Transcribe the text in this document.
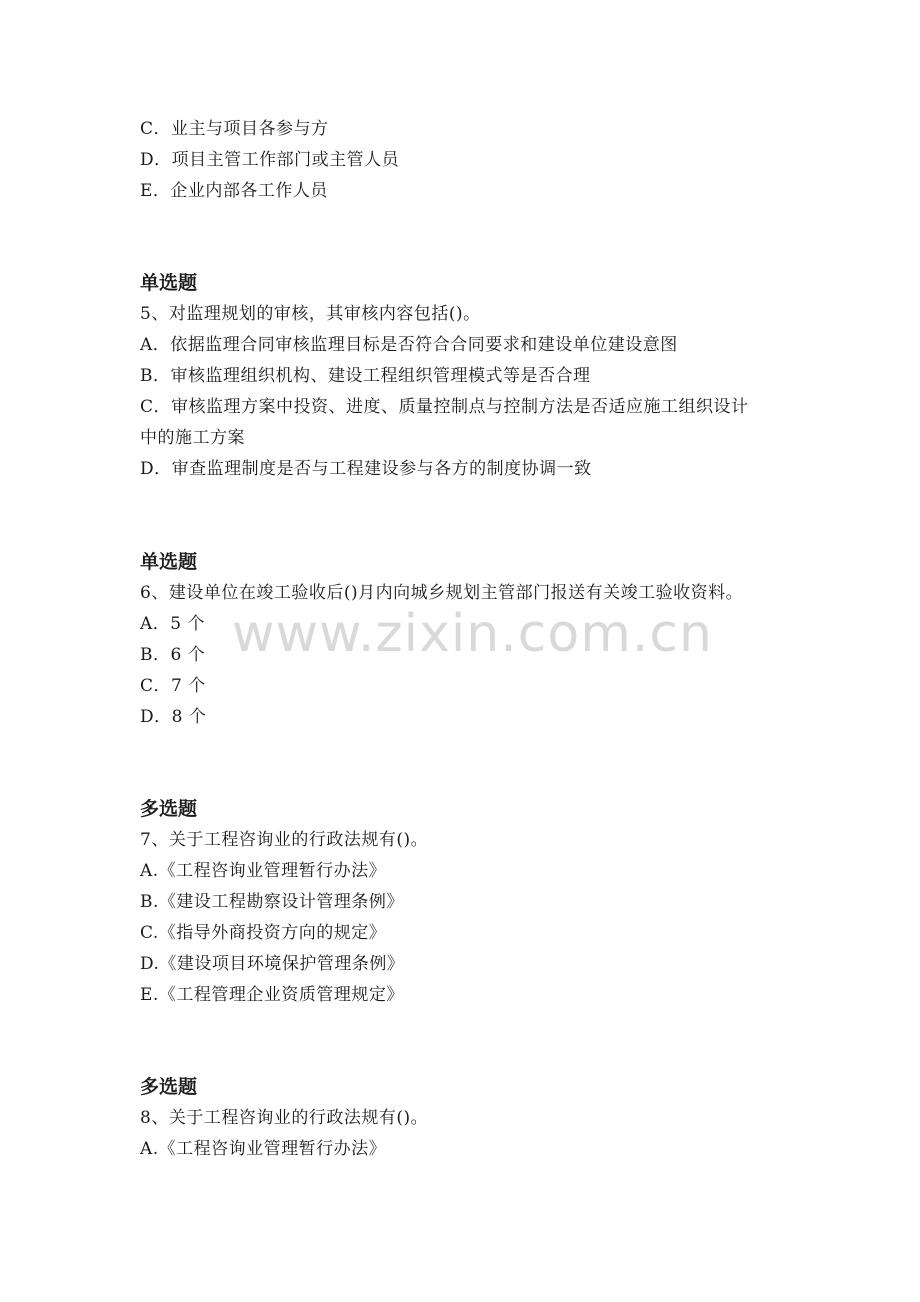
C．业主与项目各参与方
D．项目主管工作部门或主管人员
E．企业内部各工作人员
单选题
5、对监理规划的审核，其审核内容包括()。
A．依据监理合同审核监理目标是否符合合同要求和建设单位建设意图
B．审核监理组织机构、建设工程组织管理模式等是否合理
C．审核监理方案中投资、进度、质量控制点与控制方法是否适应施工组织设计
中的施工方案
D．审查监理制度是否与工程建设参与各方的制度协调一致
单选题
6、建设单位在竣工验收后()月内向城乡规划主管部门报送有关竣工验收资料。
A．5 个
B．6 个
C．7 个
D．8 个
多选题
7、关于工程咨询业的行政法规有()。
A.《工程咨询业管理暂行办法》
B.《建设工程勘察设计管理条例》
C.《指导外商投资方向的规定》
D.《建设项目环境保护管理条例》
E.《工程管理企业资质管理规定》
多选题
8、关于工程咨询业的行政法规有()。
A.《工程咨询业管理暂行办法》
www.zixin.com.cn
